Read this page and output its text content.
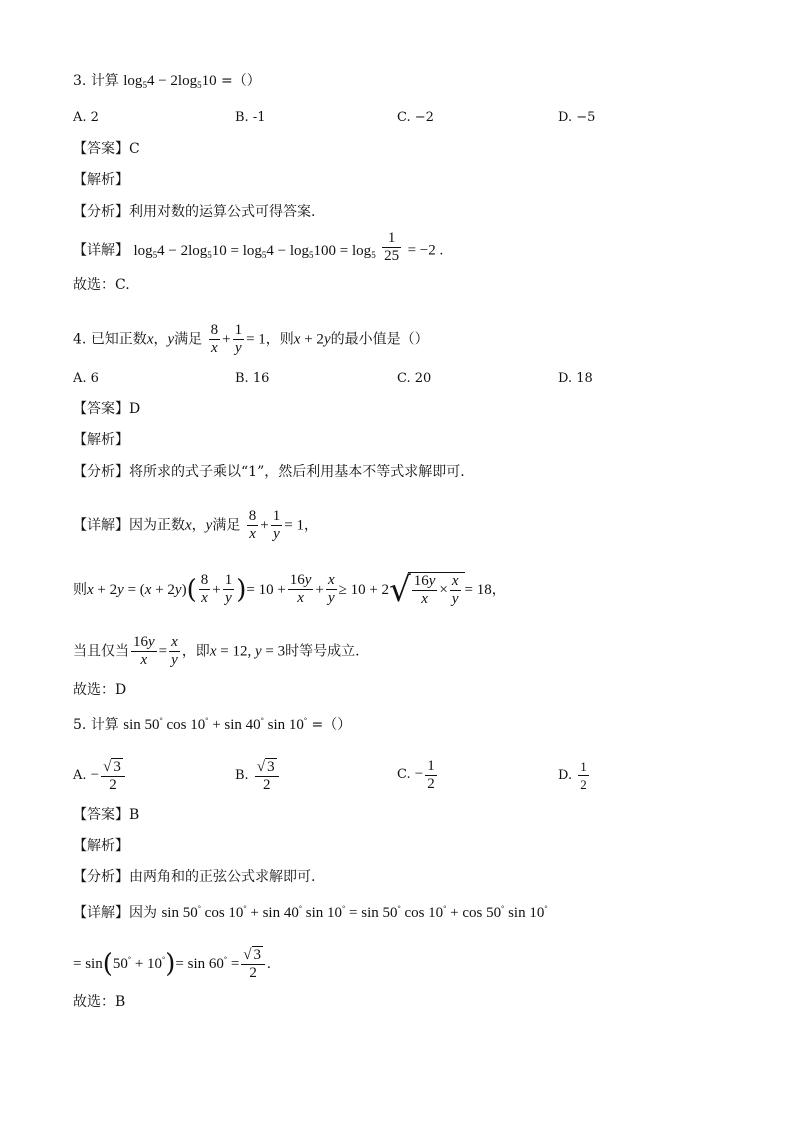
3. 计算 $\log_54 - 2\log_510$ =（）
A. 2	B. -1	C. −2	D. −5
【答案】C
【解析】
【分析】利用对数的运算公式可得答案.
【详解】 $\log_54 - 2\log_510 = \log_54 - \log_5100 = \log_5 \frac{1}{25} = -2$ .
故选：C.
4. 已知正数x，y满足 $\frac{8}{x} + \frac{1}{y} = 1$，则x + 2y的最小值是（）
A. 6	B. 16	C. 20	D. 18
【答案】D
【解析】
【分析】将所求的式子乘以“1”，然后利用基本不等式求解即可.
【详解】因为正数x，y满足 $\frac{8}{x} + \frac{1}{y} = 1$，
则$x + 2y = (x + 2y)( \frac{8}{x} + \frac{1}{y}$ )= $10 + \frac{16y}{x} + \frac{x}{y} \ge 10 + 2√ \frac{16y}{x} \times \frac{x}{y} = 18$，
当且仅当 $\frac{16y}{x} = \frac{x}{y}$ ，即x = 12, y = 3时等号成立.
故选：D
5. 计算 sin 50° cos 10° + sin 40° sin 10° =（）
A. − $\frac{√ 3}{2}$	B. $\frac{√ 3}{2}$	C. − $\frac{1}{2}$	D. $\frac{1}{2}$
【答案】B
【解析】
【分析】由两角和的正弦公式求解即可.
【详解】因为 sin 50° cos 10° + sin 40° sin 10° = sin 50° cos 10° + cos 50° sin 10°
= $\sin(50^\circ + 10^\circ)= \sin 60^\circ = \frac{√ 3}{2}$ .
故选：B
